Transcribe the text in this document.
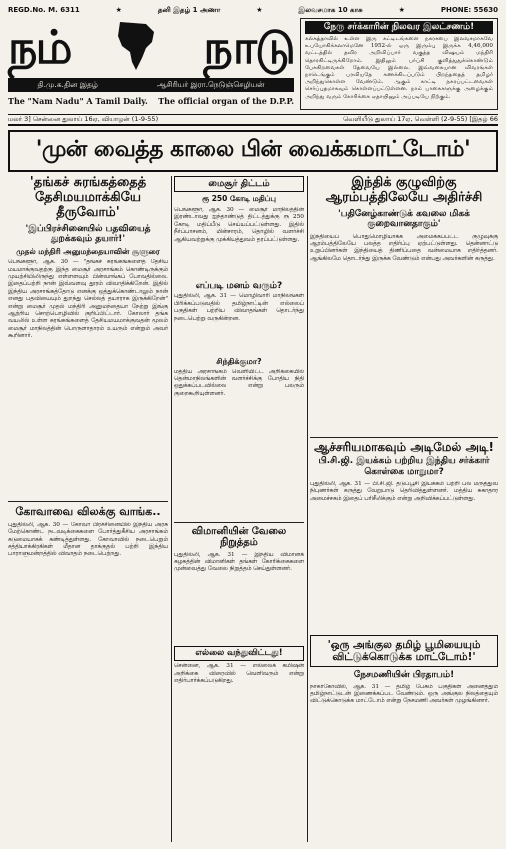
REGD.No. M. 6311	★	தனி இதழ் 1 அணா	★	இலவசமாக 10 காசு	★	PHONE: 55630
நம்	நாடு
தி.மு.க.தின இதழ்	ஆசிரியர் இரா.நெடுஞ்செழியன்
The "Nam Nadu" A Tamil Daily. The official organ of the D.P.P.
நேரு சர்க்காரின் நிலவர இலட்சணம்!

கல்கத்தாவில் உள்ள இரு கட்டிடங்களை நகரசபை இலவசமாகவே உபயோகிக்கலாமெனே 1952-ல் ஒரு இரும்பு இருக்க 4,46,000 வட்டத்தில் தவிர அறிவிப்பார் வகுத்த விஷயம் மந்திரி தொரகிட்டிருக்கிறோம். இதிலும் பர்ப்சி குளித்துதுக்கொண்டும் பேசுகிறவைகள் தேவையே இல்லை. இவ்வகையான விவரங்கள் நாடெங்கும் பரவியதே கணக்கிடப்படும் பிறந்ததைத் தமிழர் அறிந்துகொள்ள வேண்டும். ஆகும் காட்டி நகரப்பட்டவைகள் செர்ப்புதமாகவும் கொள்ளப்பட்டுள்ளன. நாம் பாகைகளுக்கு அழைக்கும் அறிந்து வரும் கோரிக்கை ஏதாயினும் அப்படியே நிற்கும்.

மலர் 3] சென்னை துலாய் 16ஏ, வியாழன் (1-9-55)	வெளியீடு துலாய் 17ஏ, வெள்ளி (2-9-55) [இதழ் 66
'முன் வைத்த காலை பின் வைக்கமாட்டோம்'
'தங்கச் சுரங்கத்தைத் தேசிமயமாக்கியே தீருவோம்'
'இப்பிரச்சினையில் பதவியைத் துறக்கவும் தயார்!'
முதல் மந்திரி அனுமந்தையாவின் சூளுரை
பெங்களூர், ஆக. 30 — "தங்கச் சுரங்கங்களைத் தேசிய மயமாக்குவதற்கு இந்த மைசூர் அரசாங்கம் கொண்டிருக்கும் முயற்சியிலிருந்து எள்ளளவும் பின்வாங்கப் போவதில்லை. இதைப்பற்றி நான் இவ்வளவு தூரம் விவாதிக்கிறேன். இதில் இந்திய அரசாங்கத்தோடு எனக்கு ஒத்துக்கொண்டாலும் நான் எனது பதவியையும் துறந்து செல்லத் தயாராக இருக்கிறேன்" என்று மைசூர் முதல் மந்திரி அனுமந்தையா நேற்று இங்கு ஆற்றிய சொற்பொழிவில் குறிப்பிட்டார். கோலார் தங்க வயலில் உள்ள சுரங்கங்களைத் தேசியமயமாக்குவதன் மூலம் மைசூர் மாநிலத்தின் பொருளாதாரம் உயரும் என்றும் அவர் கூறினார்.
கோவாவை விலக்கு வாங்க..
புதுதில்லி, ஆக. 30 — கோவா பிரச்சினையில் இந்திய அரசு மேற்கொண்ட நடவடிக்கைகளை போர்த்துகீசிய அரசாங்கம் கடுமையாகக் கண்டித்துள்ளது. கோவாவில் நடைபெறும் சத்தியாக்கிரகிகள் மீதான தாக்குதல் பற்றி இந்திய பாராளுமன்றத்தில் விவாதம் நடைபெற்றது.
மைசூர் திட்டம்
ரூ 250 கோடி மதிப்பு
பெங்களூர், ஆக. 30 — மைசூர் மாநிலத்தின் இரண்டாவது ஐந்தாண்டுத் திட்டத்துக்கு ரூ 250 கோடி மதிப்பீடு செய்யப்பட்டுள்ளது. இதில் நீர்ப்பாசனம், மின்சாரம், தொழில் வளர்ச்சி ஆகியவற்றுக்கு முக்கியத்துவம் தரப்பட்டுள்ளது.
எப்படி மனம் வரும்?
புதுதில்லி, ஆக. 31 — மொழிவாரி மாநிலங்கள் பிரிக்கப்படுவதில் தமிழ்நாட்டின் எல்லைப் பகுதிகள் பற்றிய விவாதங்கள் தொடர்ந்து நடைபெற்று வருகின்றன.
சிந்திக்குமா?
மத்திய அரசாங்கம் வெளியிட்ட அறிக்கையில் தென்மாநிலங்களின் வளர்ச்சிக்கு போதிய நிதி ஒதுக்கப்படவில்லை என்று பலரும் குறைகூறியுள்ளனர்.
விமானியின் வேலை நிறுத்தம்
புதுதில்லி, ஆக. 31 — இந்திய விமானக் கழகத்தின் விமானிகள் தங்கள் கோரிக்கைகளை முன்வைத்து வேலை நிறுத்தம் செய்துள்ளனர்.
எல்லை வந்துவிட்டது!
சென்னை, ஆக. 31 — எல்லைக் கமிஷன் அறிக்கை விரைவில் வெளிவரும் என்று எதிர்பார்க்கப்படுகிறது.
இந்திக் குழுவிற்கு ஆரம்பத்திலேயே அதிர்ச்சி
'பதினேழ்காண்டுக் கவலை மிகக் குறைவானதாகும்'
இந்தியைப் பொதுமொழியாக்க அமைக்கப்பட்ட குழுவுக்கு ஆரம்பத்திலேயே பலத்த எதிர்ப்பு ஏற்பட்டுள்ளது. தென்னாட்டு உறுப்பினர்கள் இந்தியைத் திணிப்பதை வன்மையாக எதிர்த்தனர். ஆங்கிலமே தொடர்ந்து இருக்க வேண்டும் என்பது அவர்களின் கருத்து.
ஆச்சரியமாகவும் அடிமேல் அடி!
பி.சி.ஜி. இயக்கம் பற்றிய இந்திய சர்க்கார் கொள்கை மாறுமா?
புதுதில்லி, ஆக. 31 — பி.சி.ஜி. தடுப்பூசி இயக்கம் பற்றி பல மருத்துவ நிபுணர்கள் கருத்து வேறுபாடு தெரிவித்துள்ளனர். மத்திய சுகாதார அமைச்சகம் இதைப் பரிசீலிக்கும் என்று அறிவிக்கப்பட்டுள்ளது.
'ஒரு அங்குல தமிழ் பூமியையும் விட்டுக்கொடுக்க மாட்டோம்!'
நேசமணியின் பிரதாபம்!
நாகர்கோவில், ஆக. 31 — தமிழ் பேசும் பகுதிகள் அனைத்தும் தமிழ்நாட்டுடன் இணைக்கப்பட வேண்டும். ஒரு அங்குல நிலத்தையும் விட்டுக்கொடுக்க மாட்டோம் என்று நேசமணி அவர்கள் முழங்கினார்.
